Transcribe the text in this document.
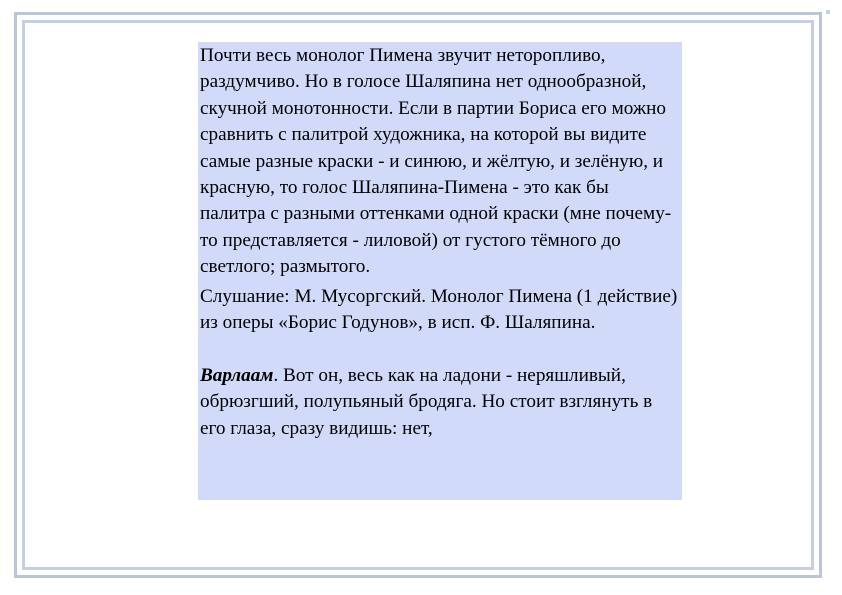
Почти весь монолог Пимена звучит неторопливо, раздумчиво. Но в голосе Шаляпина нет однообразной, скучной монотонности. Если в партии Бориса его можно сравнить с палитрой художника, на которой вы видите самые разные краски - и синюю, и жёлтую, и зелёную, и красную, то голос Шаляпина-Пимена - это как бы палитра с разными оттенками одной краски (мне почему-то представляется - лиловой) от густого тёмного до светлого; размытого.

Слушание: М. Мусоргский. Монолог Пимена (1 действие) из оперы «Борис Годунов», в исп. Ф. Шаляпина.

Варлаам. Вот он, весь как на ладони - неряшливый, обрюзгший, полупьяный бродяга. Но стоит взглянуть в его глаза, сразу видишь: нет,
